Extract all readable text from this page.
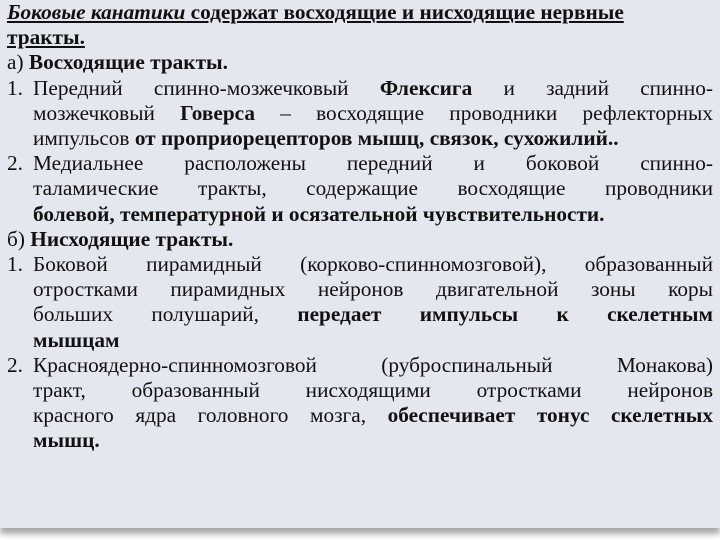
Боковые канатики содержат восходящие и нисходящие нервные

тракты.

а) Восходящие тракты.

1. Передний спинно-мозжечковый Флексига и задний спинно-

мозжечковый Говерса – восходящие проводники рефлекторных

импульсов от проприорецепторов мышц, связок, сухожилий..

2. Медиальнее расположены передний и боковой спинно-

таламические тракты, содержащие восходящие проводники

болевой, температурной и осязательной чувствительности.

б) Нисходящие тракты.

1. Боковой пирамидный (корково-спинномозговой), образованный

отростками пирамидных нейронов двигательной зоны коры

больших полушарий, передает импульсы к скелетным

мышцам

2. Красноядерно-спинномозговой (руброспинальный Монакова)

тракт, образованный нисходящими отростками нейронов

красного ядра головного мозга, обеспечивает тонус скелетных

мышц.
